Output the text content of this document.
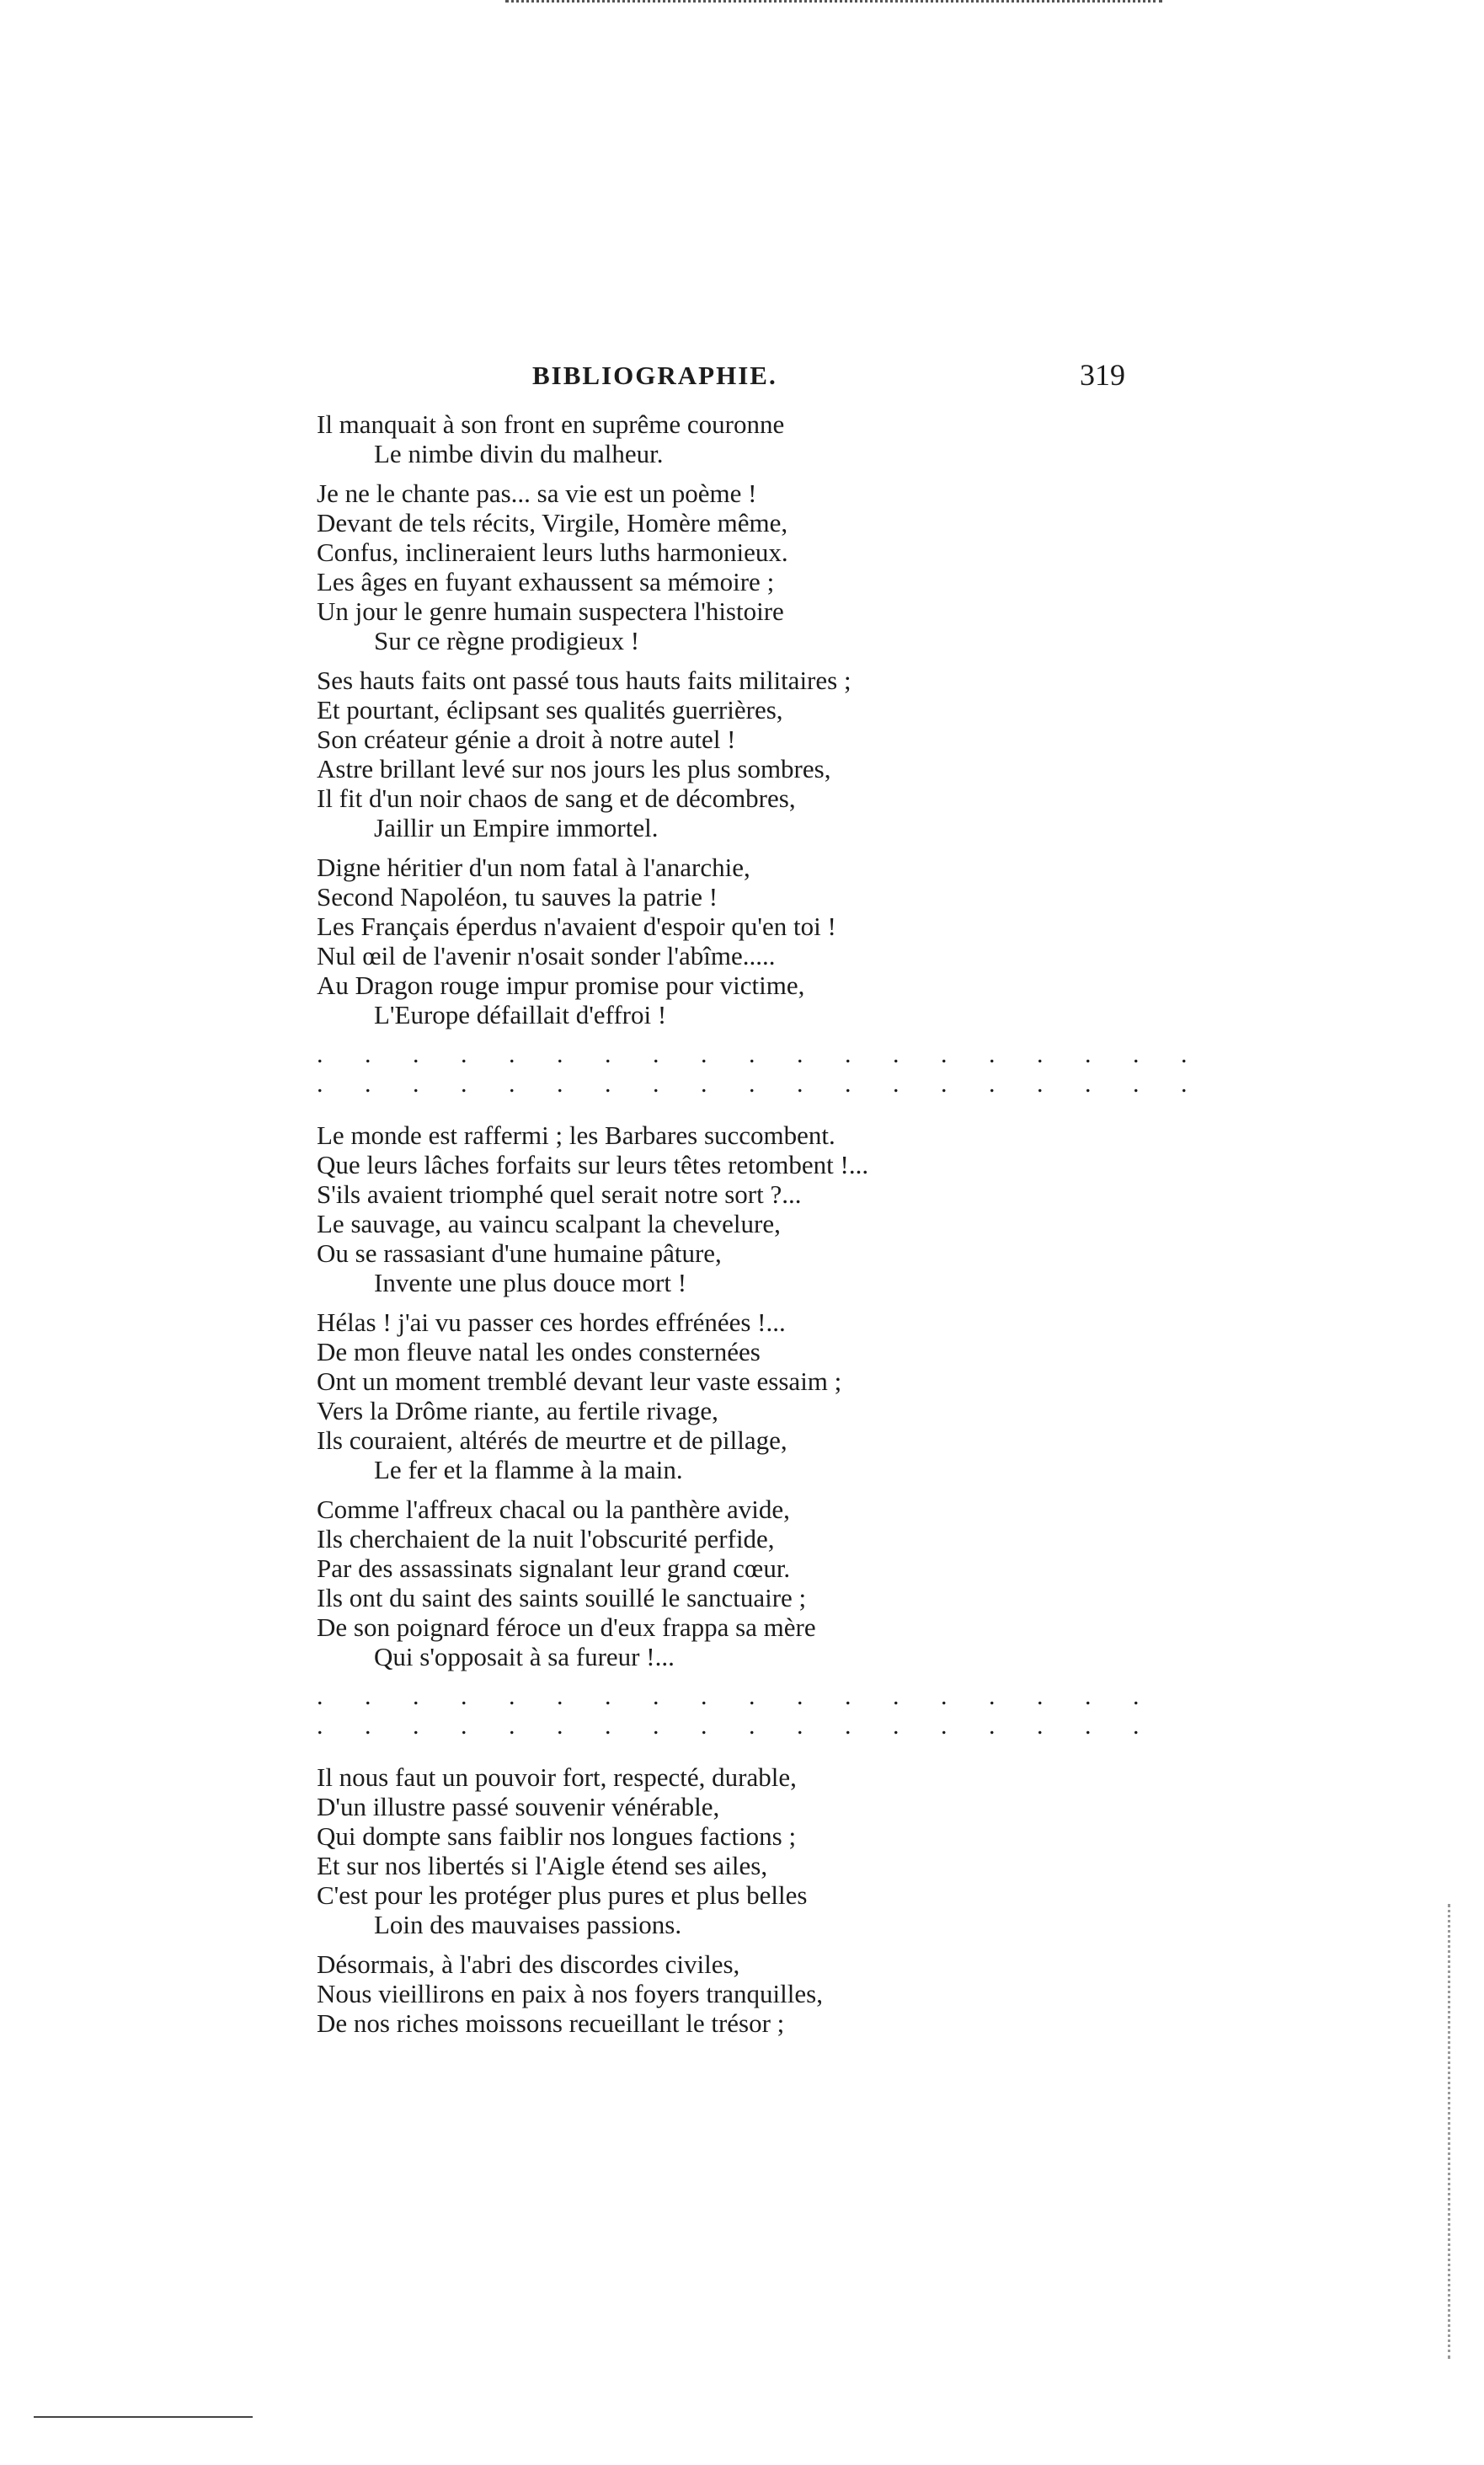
BIBLIOGRAPHIE.	319
Il manquait à son front en suprême couronne
Le nimbe divin du malheur.
Je ne le chante pas... sa vie est un poème !
Devant de tels récits, Virgile, Homère même,
Confus, inclineraient leurs luths harmonieux.
Les âges en fuyant exhaussent sa mémoire ;
Un jour le genre humain suspectera l'histoire
Sur ce règne prodigieux !
Ses hauts faits ont passé tous hauts faits militaires ;
Et pourtant, éclipsant ses qualités guerrières,
Son créateur génie a droit à notre autel !
Astre brillant levé sur nos jours les plus sombres,
Il fit d'un noir chaos de sang et de décombres,
Jaillir un Empire immortel.
Digne héritier d'un nom fatal à l'anarchie,
Second Napoléon, tu sauves la patrie !
Les Français éperdus n'avaient d'espoir qu'en toi !
Nul œil de l'avenir n'osait sonder l'abîme.....
Au Dragon rouge impur promise pour victime,
L'Europe défaillait d'effroi !
. . . . . . . . . . . . . . . . . . .
. . . . . . . . . . . . . . . . . . .
Le monde est raffermi ; les Barbares succombent.
Que leurs lâches forfaits sur leurs têtes retombent !...
S'ils avaient triomphé quel serait notre sort ?...
Le sauvage, au vaincu scalpant la chevelure,
Ou se rassasiant d'une humaine pâture,
Invente une plus douce mort !
Hélas ! j'ai vu passer ces hordes effrénées !...
De mon fleuve natal les ondes consternées
Ont un moment tremblé devant leur vaste essaim ;
Vers la Drôme riante, au fertile rivage,
Ils couraient, altérés de meurtre et de pillage,
Le fer et la flamme à la main.
Comme l'affreux chacal ou la panthère avide,
Ils cherchaient de la nuit l'obscurité perfide,
Par des assassinats signalant leur grand cœur.
Ils ont du saint des saints souillé le sanctuaire ;
De son poignard féroce un d'eux frappa sa mère
Qui s'opposait à sa fureur !...
. . . . . . . . . . . . . . . . . .
. . . . . . . . . . . . . . . . . .
Il nous faut un pouvoir fort, respecté, durable,
D'un illustre passé souvenir vénérable,
Qui dompte sans faiblir nos longues factions ;
Et sur nos libertés si l'Aigle étend ses ailes,
C'est pour les protéger plus pures et plus belles
Loin des mauvaises passions.
Désormais, à l'abri des discordes civiles,
Nous vieillirons en paix à nos foyers tranquilles,
De nos riches moissons recueillant le trésor ;
